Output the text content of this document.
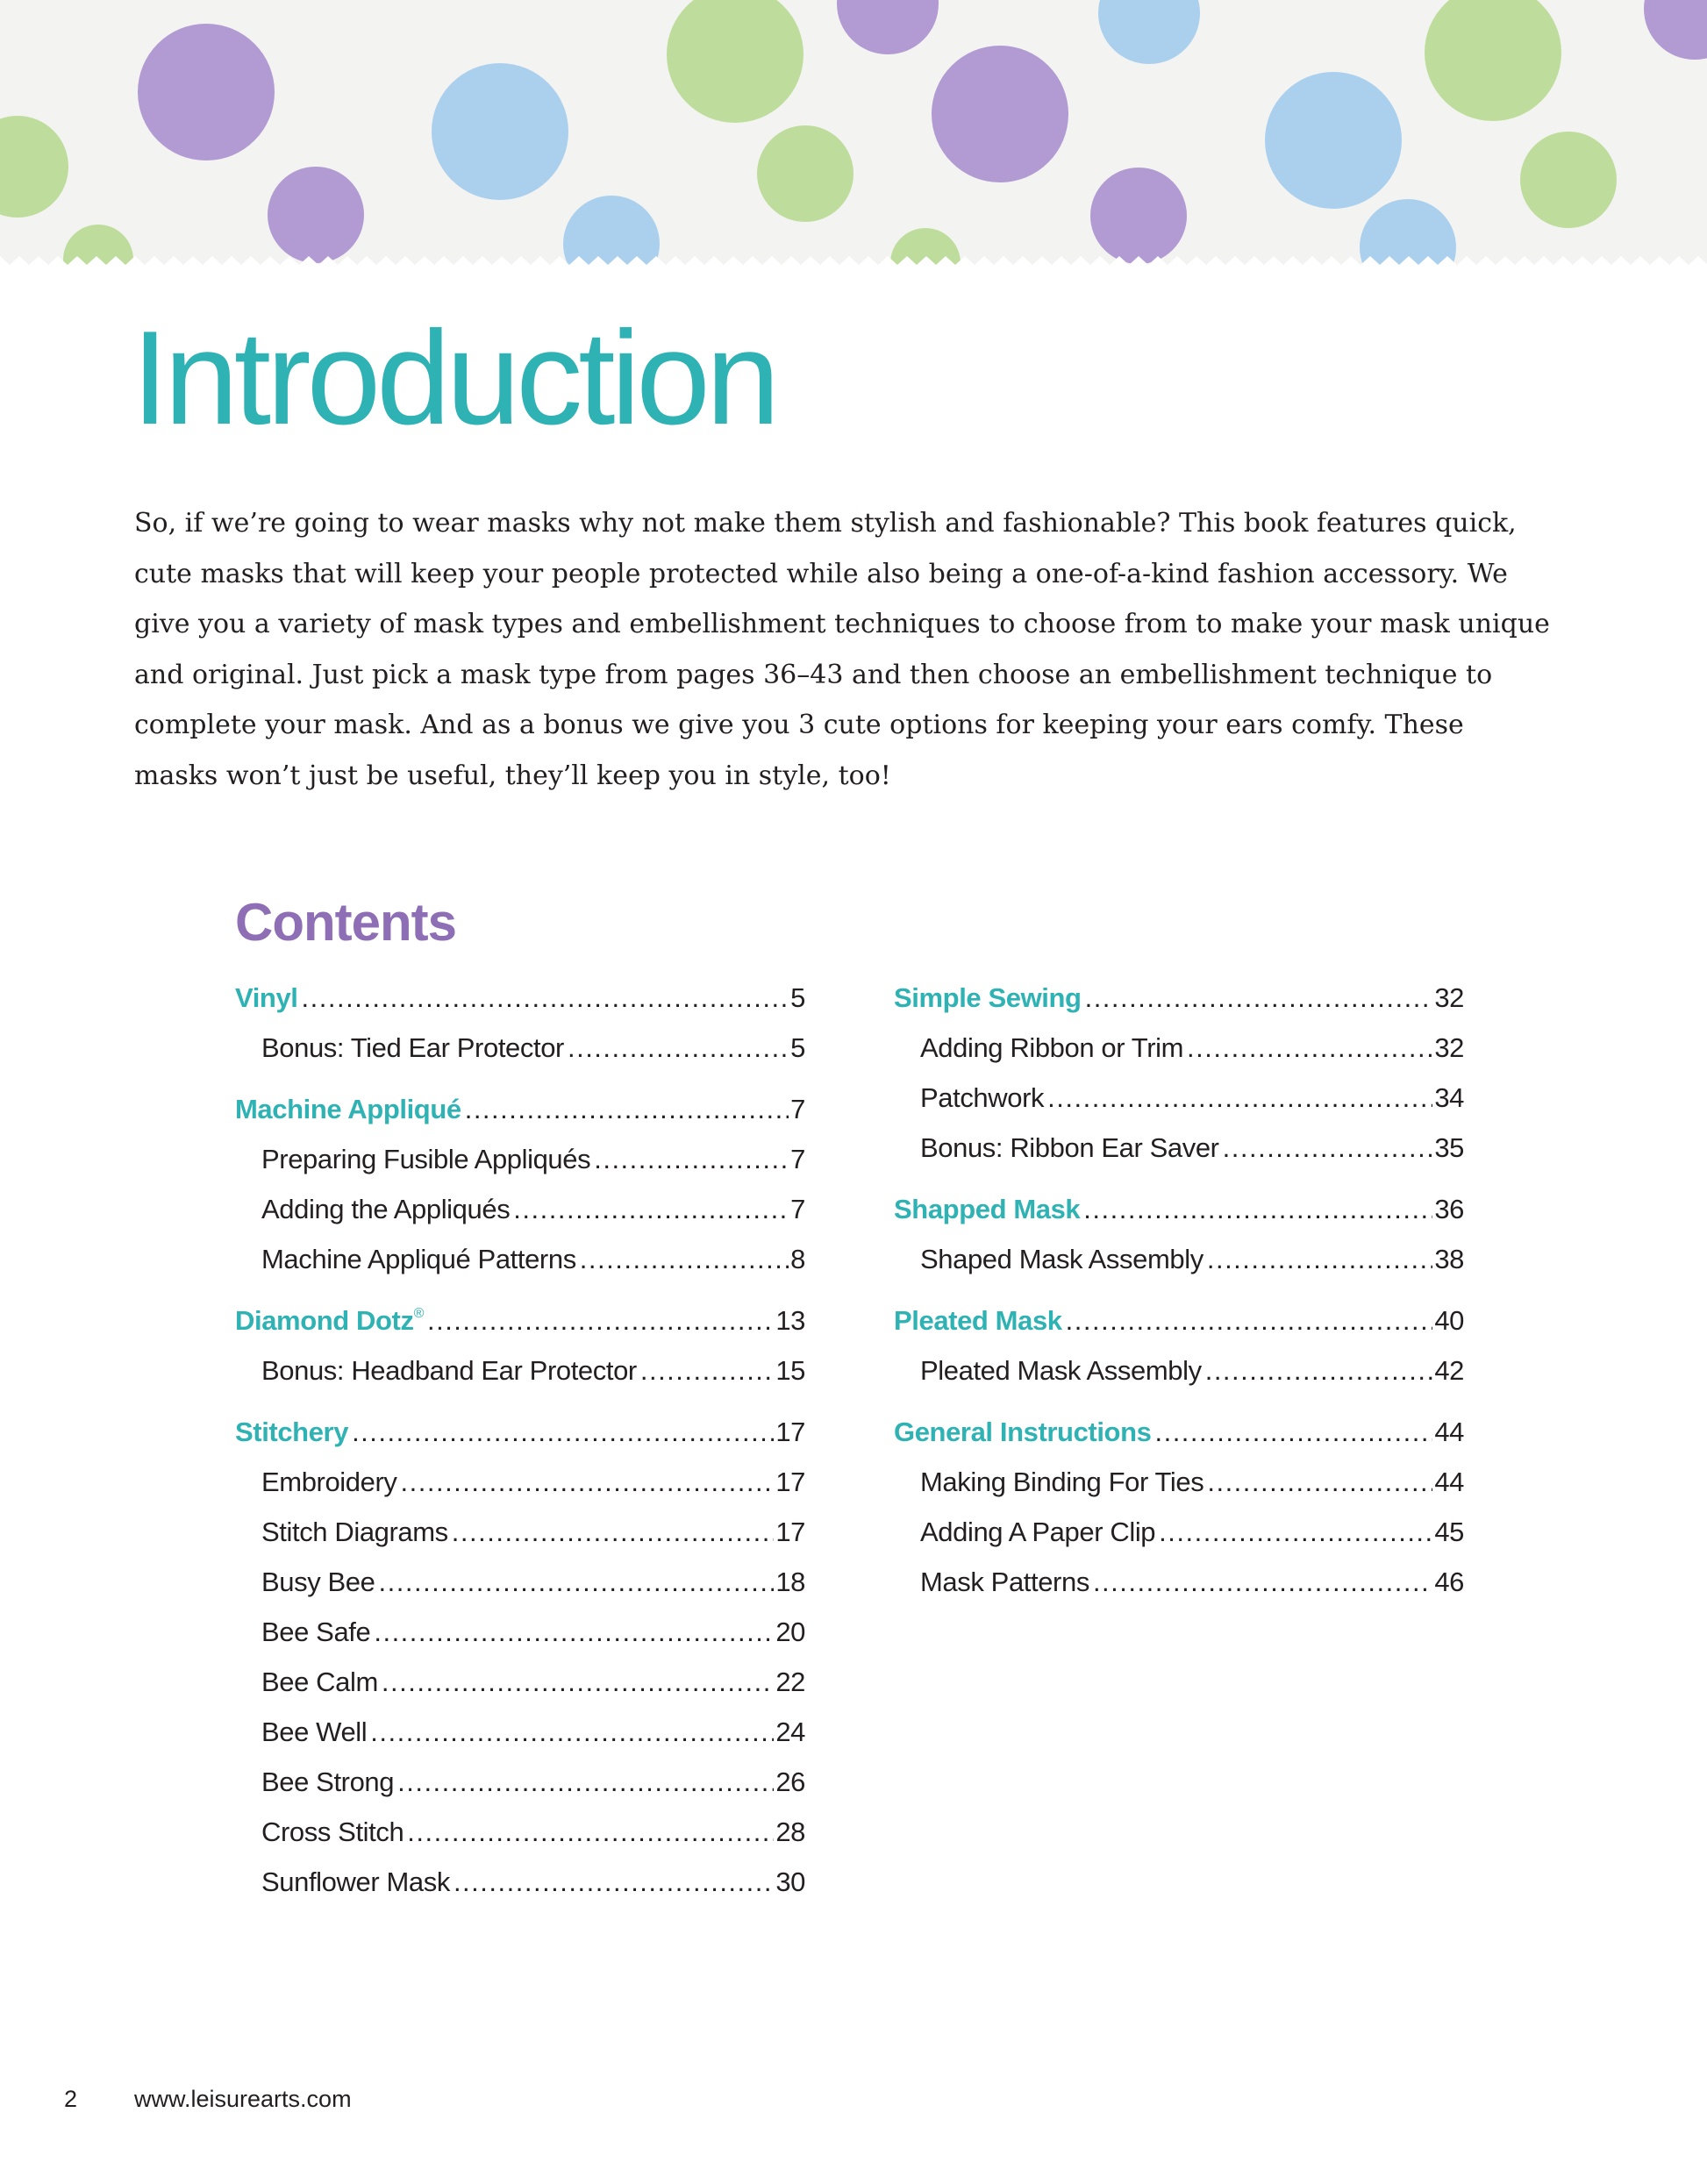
Introduction

So, if we’re going to wear masks why not make them stylish and fashionable? This book features quick, cute masks that will keep your people protected while also being a one-of-a-kind fashion accessory. We give you a variety of mask types and embellishment techniques to choose from to make your mask unique and original. Just pick a mask type from pages 36–43 and then choose an embellishment technique to complete your mask. And as a bonus we give you 3 cute options for keeping your ears comfy. These masks won’t just be useful, they’ll keep you in style, too!

Contents
Vinyl .....	5
Bonus: Tied Ear Protector .....	5
Machine Appliqué .....	7
Preparing Fusible Appliqués .....	7
Adding the Appliqués .....	7
Machine Appliqué Patterns .....	8
Diamond Dotz® .....	13
Bonus: Headband Ear Protector .....	15
Stitchery .....	17
Embroidery .....	17
Stitch Diagrams .....	17
Busy Bee .....	18
Bee Safe .....	20
Bee Calm .....	22
Bee Well .....	24
Bee Strong .....	26
Cross Stitch .....	28
Sunflower Mask .....	30
Simple Sewing .....	32
Adding Ribbon or Trim .....	32
Patchwork .....	34
Bonus: Ribbon Ear Saver .....	35
Shapped Mask .....	36
Shaped Mask Assembly .....	38
Pleated Mask .....	40
Pleated Mask Assembly .....	42
General Instructions .....	44
Making Binding For Ties .....	44
Adding A Paper Clip .....	45
Mask Patterns .....	46
2 www.leisurearts.com
